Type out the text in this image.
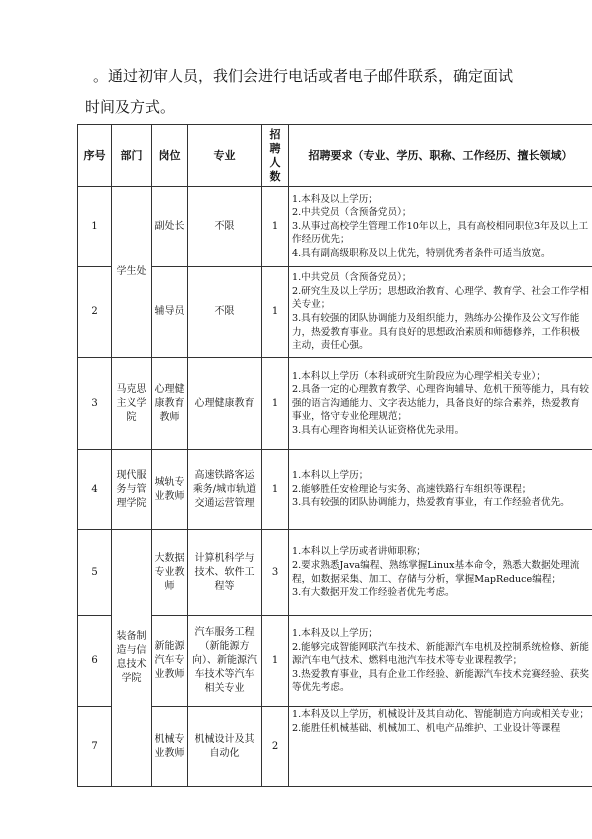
。通过初审人员，我们会进行电话或者电子邮件联系，确定面试
时间及方式。
序号	部门	岗位	专业	招聘人数	招聘要求（专业、学历、职称、工作经历、擅长领域）
1	学生处	副处长	不限	1	1.本科及以上学历；
2.中共党员（含预备党员）；
3.从事过高校学生管理工作10年以上，具有高校相同职位3年及以上工作经历优先；
4.具有副高级职称及以上优先，特别优秀者条件可适当放宽。
2		辅导员	不限	1	1.中共党员（含预备党员）；
2.研究生及以上学历；思想政治教育、心理学、教育学、社会工作学相关专业；
3.具有较强的团队协调能力及组织能力，熟练办公操作及公文写作能力，热爱教育事业。具有良好的思想政治素质和师德修养，工作积极主动，责任心强。
3	马克思主义学院	心理健康教育教师	心理健康教育	1	1.本科以上学历（本科或研究生阶段应为心理学相关专业）；
2.具备一定的心理教育教学、心理咨询辅导、危机干预等能力，具有较强的语言沟通能力、文字表达能力，具备良好的综合素养，热爱教育事业，恪守专业伦理规范；
3.具有心理咨询相关认证资格优先录用。
4	现代服务与管理学院	城轨专业教师	高速铁路客运乘务/城市轨道交通运营管理	1	1.本科以上学历；
2.能够胜任安检理论与实务、高速铁路行车组织等课程；
3.具有较强的团队协调能力，热爱教育事业，有工作经验者优先。
5	装备制造与信息技术学院	大数据专业教师	计算机科学与技术、软件工程等	3	1.本科以上学历或者讲师职称；
2.要求熟悉Java编程、熟练掌握Linux基本命令，熟悉大数据处理流程，如数据采集、加工、存储与分析，掌握MapReduce编程；
3.有大数据开发工作经验者优先考虑。
6		新能源汽车专业教师	汽车服务工程（新能源方向）、新能源汽车技术等汽车相关专业	1	1.本科及以上学历；
2.能够完成智能网联汽车技术、新能源汽车电机及控制系统检修、新能源汽车电气技术、燃料电池汽车技术等专业课程教学；
3.热爱教育事业，具有企业工作经验、新能源汽车技术竞赛经验、获奖等优先考虑。
7		机械专业教师	机械设计及其自动化	2	1.本科及以上学历，机械设计及其自动化、智能制造方向或相关专业；
2.能胜任机械基础、机械加工、机电产品维护、工业设计等课程
